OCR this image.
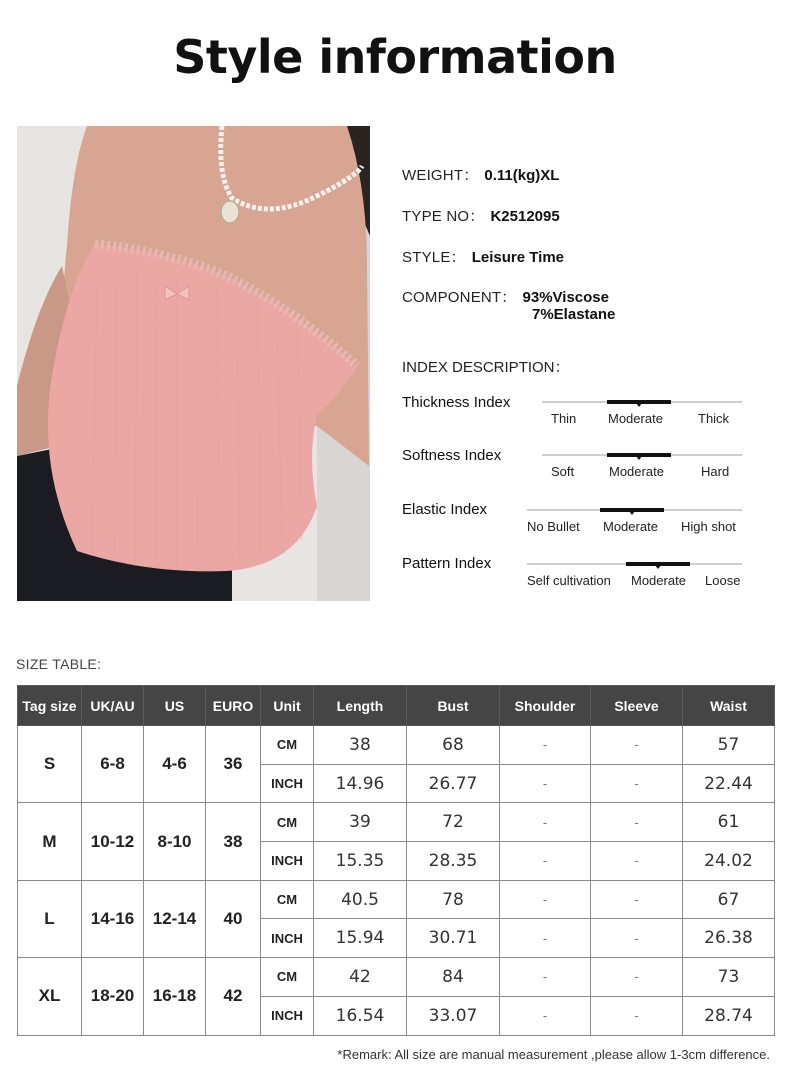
Style information
WEIGHT： 0.11(kg)XL
TYPE NO： K2512095
STYLE： Leisure Time
COMPONENT： 93%Viscose
7%Elastane
INDEX DESCRIPTION：
Thickness Index
Thin Moderate	Thick
Softness Index
Soft	Moderate	Hard
Elastic Index
No Bullet Moderate High shot
Pattern Index
Self cultivation Moderate Loose
SIZE TABLE:
Tag size	UK/AU	US	EURO	Unit	Length	Bust	Shoulder	Sleeve	Waist
S	6-8	4-6	36	CM	38	68	-	-	57
				INCH	14.96	26.77	-	-	22.44
M	10-12	8-10	38	CM	39	72	-	-	61
				INCH	15.35	28.35	-	-	24.02
L	14-16	12-14	40	CM	40.5	78	-	-	67
				INCH	15.94	30.71	-	-	26.38
XL	18-20	16-18	42	CM	42	84	-	-	73
				INCH	16.54	33.07	-	-	28.74
*Remark: All size are manual measurement ,please allow 1-3cm difference.
